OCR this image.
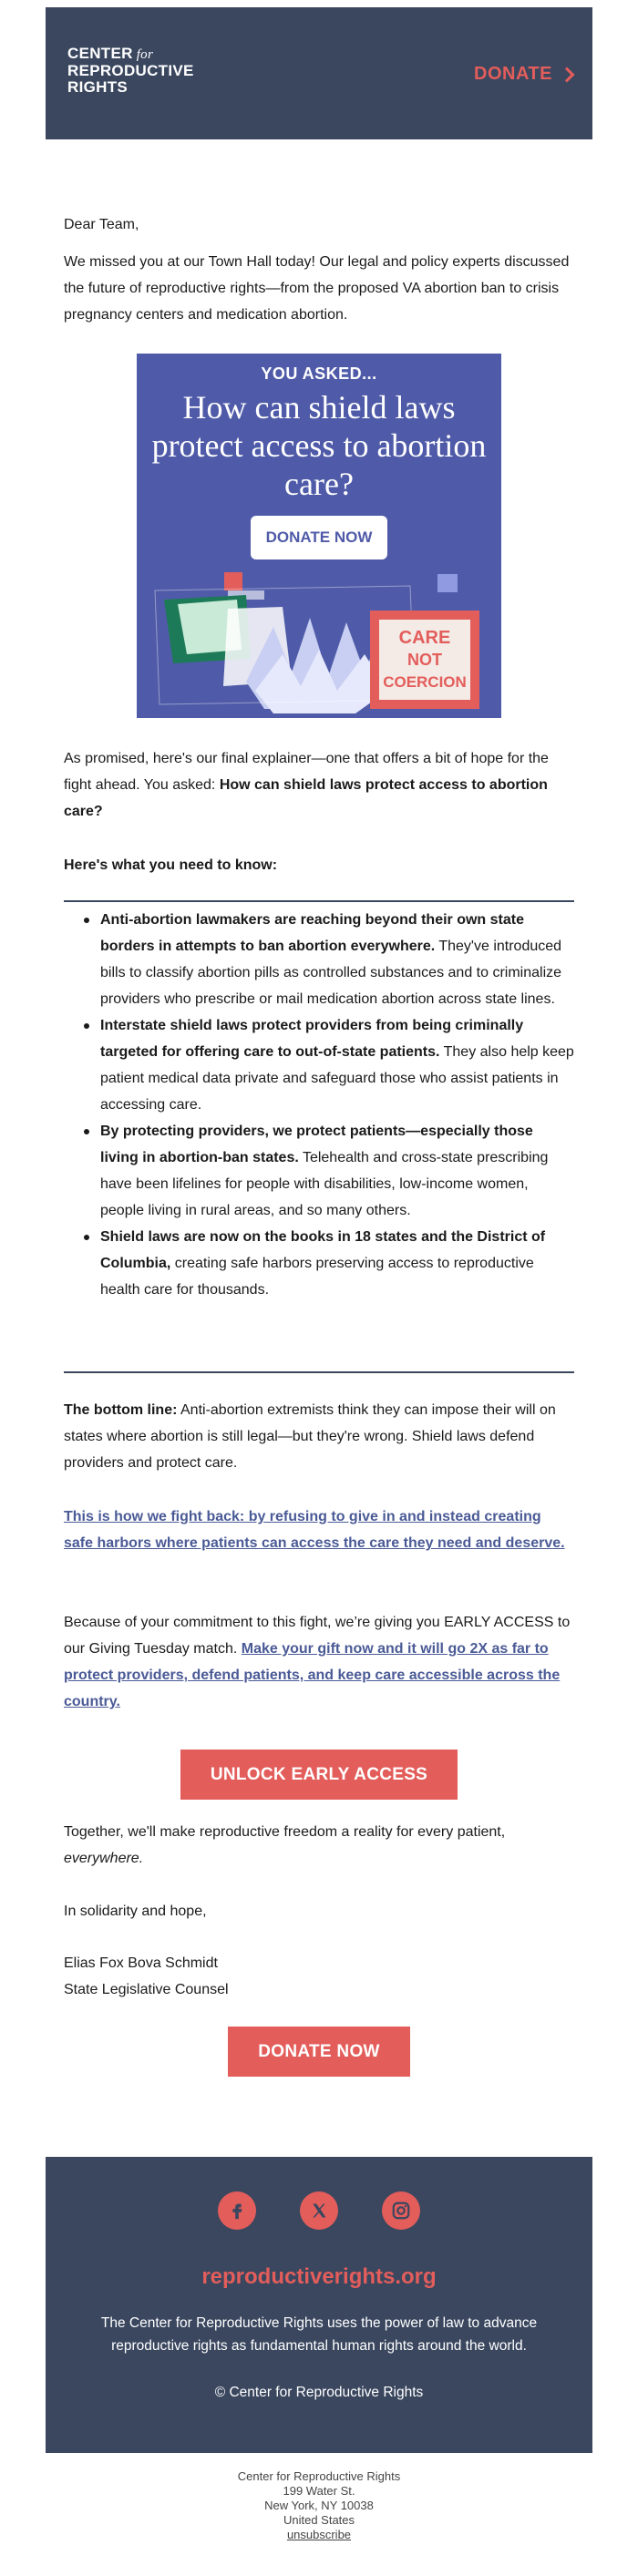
CENTER for
REPRODUCTIVE
RIGHTS
DONATE
Dear Team,
We missed you at our Town Hall today! Our legal and policy experts discussed the future of reproductive rights—from the proposed VA abortion ban to crisis pregnancy centers and medication abortion.
YOU ASKED...
How can shield laws protect access to abortion care?
DONATE NOW
CARE
NOT
COERCION
As promised, here's our final explainer—one that offers a bit of hope for the fight ahead. You asked: How can shield laws protect access to abortion care?
Here's what you need to know:
Anti-abortion lawmakers are reaching beyond their own state borders in attempts to ban abortion everywhere. They've introduced bills to classify abortion pills as controlled substances and to criminalize providers who prescribe or mail medication abortion across state lines.
Interstate shield laws protect providers from being criminally targeted for offering care to out-of-state patients. They also help keep patient medical data private and safeguard those who assist patients in accessing care.
By protecting providers, we protect patients—especially those living in abortion-ban states. Telehealth and cross-state prescribing have been lifelines for people with disabilities, low-income women, people living in rural areas, and so many others.
Shield laws are now on the books in 18 states and the District of Columbia, creating safe harbors preserving access to reproductive health care for thousands.
The bottom line: Anti-abortion extremists think they can impose their will on states where abortion is still legal—but they're wrong. Shield laws defend providers and protect care.
This is how we fight back: by refusing to give in and instead creating safe harbors where patients can access the care they need and deserve.
Because of your commitment to this fight, we’re giving you EARLY ACCESS to our Giving Tuesday match. Make your gift now and it will go 2X as far to protect providers, defend patients, and keep care accessible across the country.
UNLOCK EARLY ACCESS
Together, we'll make reproductive freedom a reality for every patient, everywhere.
In solidarity and hope,
Elias Fox Bova Schmidt
State Legislative Counsel
DONATE NOW
reproductiverights.org
The Center for Reproductive Rights uses the power of law to advance reproductive rights as fundamental human rights around the world.
© Center for Reproductive Rights
Center for Reproductive Rights
199 Water St.
New York, NY 10038
United States
unsubscribe
